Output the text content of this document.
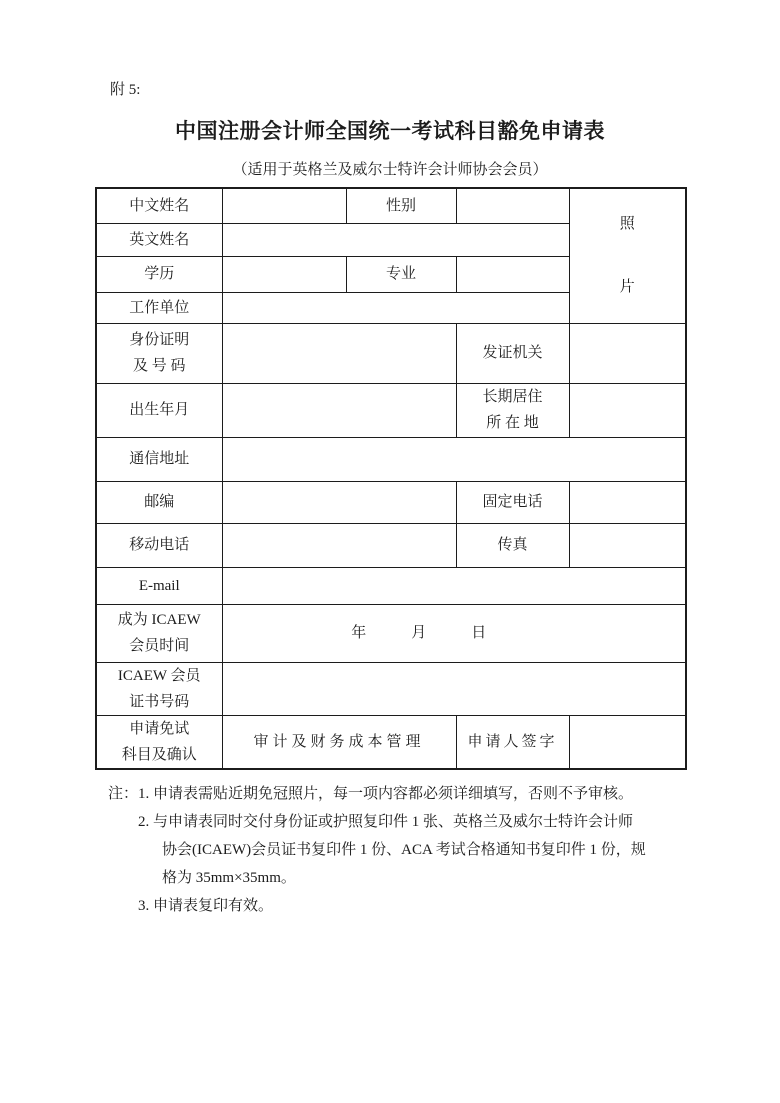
附 5:
中国注册会计师全国统一考试科目豁免申请表
（适用于英格兰及威尔士特许会计师协会会员）
中文姓名		性别		照
片

英文姓名				
学历		专业		
工作单位				

身份证明
及 号 码			发证机关	
出生年月			长期居住
所 在 地	

通信地址				
邮编			固定电话	
移动电话			传真	
E-mail				

成为 ICAEW
会员时间	年　　　月　　　日			

ICAEW 会员
证书号码				

申请免试
科目及确认	审计及财务成本管理		申请人签字	
注：1. 申请表需贴近期免冠照片，每一项内容都必须详细填写，否则不予审核。
2. 与申请表同时交付身份证或护照复印件 1 张、英格兰及威尔士特许会计师
协会(ICAEW)会员证书复印件 1 份、ACA 考试合格通知书复印件 1 份，规
格为 35mm×35mm。
3. 申请表复印有效。
